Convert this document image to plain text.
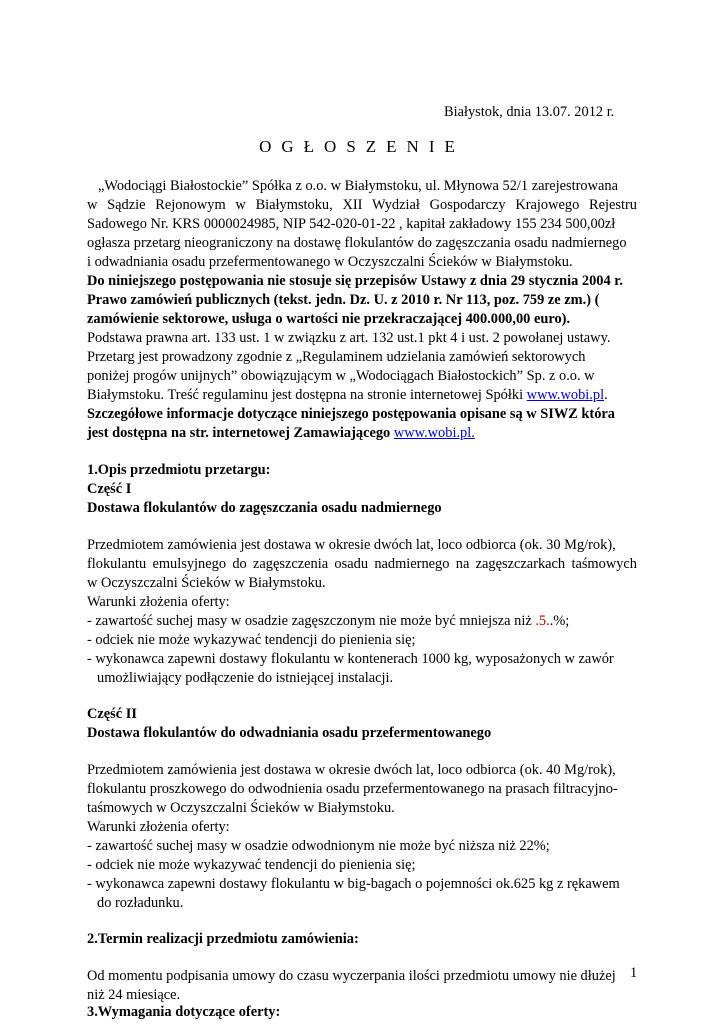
Białystok, dnia 13.07. 2012 r.
OGŁOSZENIE
„Wodociągi Białostockie” Spółka z o.o. w Białymstoku, ul. Młynowa 52/1 zarejestrowana
w Sądzie Rejonowym w Białymstoku, XII Wydział Gospodarczy Krajowego Rejestru
Sadowego Nr. KRS 0000024985, NIP 542-020-01-22 , kapitał zakładowy 155 234 500,00zł
ogłasza przetarg nieograniczony na dostawę flokulantów do zagęszczania osadu nadmiernego
i odwadniania osadu przefermentowanego w Oczyszczalni Ścieków w Białymstoku.
Do niniejszego postępowania nie stosuje się przepisów Ustawy z dnia 29 stycznia 2004 r.
Prawo zamówień publicznych (tekst. jedn. Dz. U. z 2010 r. Nr 113, poz. 759 ze zm.) (
zamówienie sektorowe, usługa o wartości nie przekraczającej 400.000,00 euro).
Podstawa prawna art. 133 ust. 1 w związku z art. 132 ust.1 pkt 4 i ust. 2 powołanej ustawy.
Przetarg jest prowadzony zgodnie z „Regulaminem udzielania zamówień sektorowych
poniżej progów unijnych” obowiązującym w „Wodociągach Białostockich” Sp. z o.o. w
Białymstoku. Treść regulaminu jest dostępna na stronie internetowej Spółki www.wobi.pl.
Szczegółowe informacje dotyczące niniejszego postępowania opisane są w SIWZ która
jest dostępna na str. internetowej Zamawiającego www.wobi.pl.
1.Opis przedmiotu przetargu:
Część I
Dostawa flokulantów do zagęszczania osadu nadmiernego
Przedmiotem zamówienia jest dostawa w okresie dwóch lat, loco odbiorca (ok. 30 Mg/rok),
flokulantu emulsyjnego do zagęszczenia osadu nadmiernego na zagęszczarkach taśmowych
w Oczyszczalni Ścieków w Białymstoku.
Warunki złożenia oferty:
- zawartość suchej masy w osadzie zagęszczonym nie może być mniejsza niż .5..%;
- odciek nie może wykazywać tendencji do pienienia się;
- wykonawca zapewni dostawy flokulantu w kontenerach 1000 kg, wyposażonych w zawór
umożliwiający podłączenie do istniejącej instalacji.
Część II
Dostawa flokulantów do odwadniania osadu przefermentowanego
Przedmiotem zamówienia jest dostawa w okresie dwóch lat, loco odbiorca (ok. 40 Mg/rok),
flokulantu proszkowego do odwodnienia osadu przefermentowanego na prasach filtracyjno-
taśmowych w Oczyszczalni Ścieków w Białymstoku.
Warunki złożenia oferty:
- zawartość suchej masy w osadzie odwodnionym nie może być niższa niż 22%;
- odciek nie może wykazywać tendencji do pienienia się;
- wykonawca zapewni dostawy flokulantu w big-bagach o pojemności ok.625 kg z rękawem
do rozładunku.
2.Termin realizacji przedmiotu zamówienia:
Od momentu podpisania umowy do czasu wyczerpania ilości przedmiotu umowy nie dłużej
niż 24 miesiące.
3.Wymagania dotyczące oferty:
1
